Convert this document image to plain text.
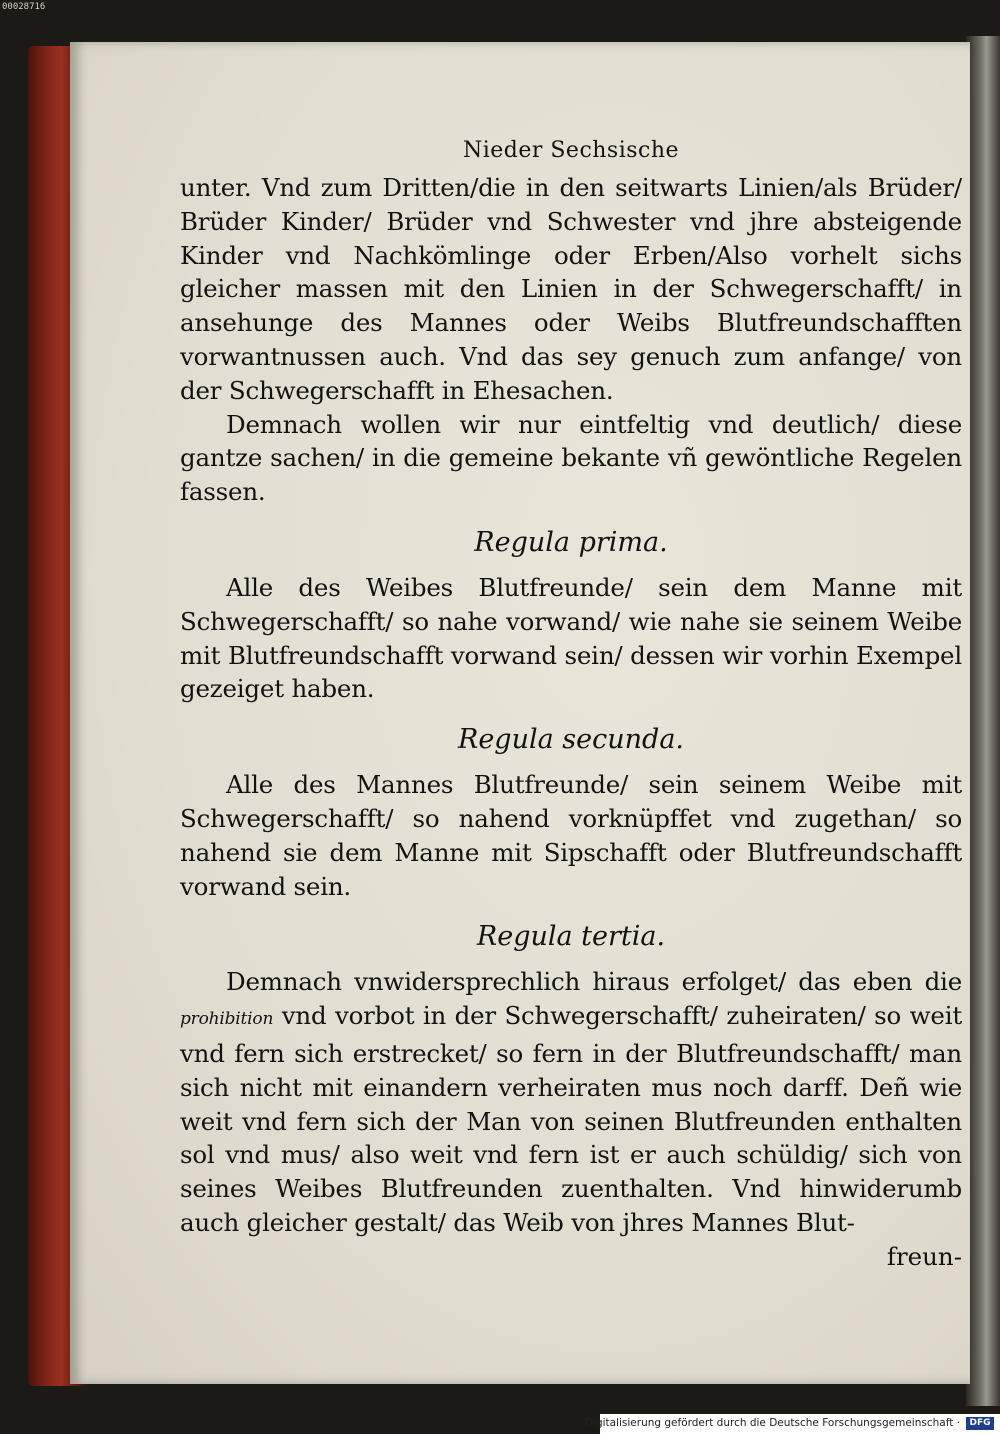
00028716
Nieder Sechsische

unter. Vnd zum Dritten/die in den seitwarts Linien/als Brüder/ Brüder Kinder/ Brüder vnd Schwester vnd jhre absteigende Kinder vnd Nachkömlinge oder Erben/Also vorhelt sichs gleicher massen mit den Linien in der Schwegerschafft/ in ansehunge des Mannes oder Weibs Blutfreundschafften vorwantnussen auch. Vnd das sey genuch zum anfange/ von der Schwegerschafft in Ehesachen.

Demnach wollen wir nur eintfeltig vnd deutlich/ diese gantze sachen/ in die gemeine bekante vñ gewöntliche Regelen fassen.

Regula prima.

Alle des Weibes Blutfreunde/ sein dem Manne mit Schwegerschafft/ so nahe vorwand/ wie nahe sie seinem Weibe mit Blutfreundschafft vorwand sein/ dessen wir vorhin Exempel gezeiget haben.

Regula secunda.

Alle des Mannes Blutfreunde/ sein seinem Weibe mit Schwegerschafft/ so nahend vorknüpffet vnd zugethan/ so nahend sie dem Manne mit Sipschafft oder Blutfreundschafft vorwand sein.

Regula tertia.

Demnach vnwidersprechlich hiraus erfolget/ das eben die prohibition vnd vorbot in der Schwegerschafft/ zuheiraten/ so weit vnd fern sich erstrecket/ so fern in der Blutfreundschafft/ man sich nicht mit einandern verheiraten mus noch darff. Deñ wie weit vnd fern sich der Man von seinen Blutfreunden enthalten sol vnd mus/ also weit vnd fern ist er auch schüldig/ sich von seines Weibes Blutfreunden zuenthalten. Vnd hinwiderumb auch gleicher gestalt/ das Weib von jhres Mannes Blut-

freun-
Digitalisierung gefördert durch die Deutsche Forschungsgemeinschaft ·	DFG
